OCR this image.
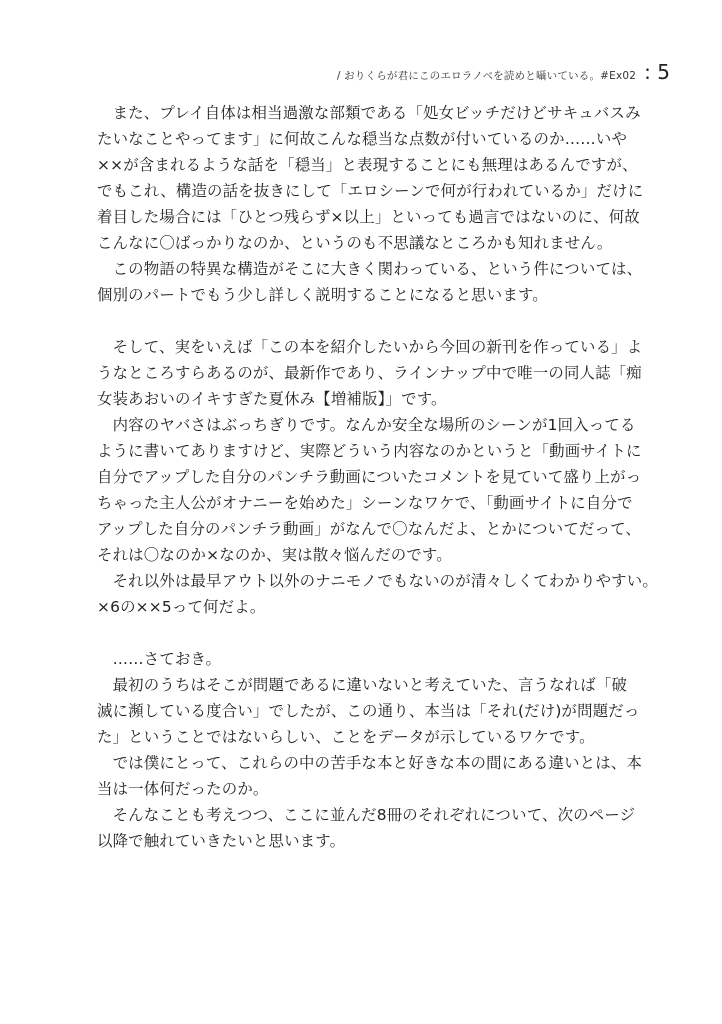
/ おりくらが君にこのエロラノベを読めと囁いている。#Ex02 : 5

　また、プレイ自体は相当過激な部類である「処女ビッチだけどサキュバスみ

たいなことやってます」に何故こんな穏当な点数が付いているのか……いや

××が含まれるような話を「穏当」と表現することにも無理はあるんですが、

でもこれ、構造の話を抜きにして「エロシーンで何が行われているか」だけに

着目した場合には「ひとつ残らず×以上」といっても過言ではないのに、何故

こんなに〇ばっかりなのか、というのも不思議なところかも知れません。

　この物語の特異な構造がそこに大きく関わっている、という件については、

個別のパートでもう少し詳しく説明することになると思います。

　そして、実をいえば「この本を紹介したいから今回の新刊を作っている」よ

うなところすらあるのが、最新作であり、ラインナップ中で唯一の同人誌「痴

女装あおいのイキすぎた夏休み【増補版】」です。

　内容のヤバさはぶっちぎりです。なんか安全な場所のシーンが1回入ってる

ように書いてありますけど、実際どういう内容なのかというと「動画サイトに

自分でアップした自分のパンチラ動画についたコメントを見ていて盛り上がっ

ちゃった主人公がオナニーを始めた」シーンなワケで、「動画サイトに自分で

アップした自分のパンチラ動画」がなんで〇なんだよ、とかについてだって、

それは〇なのか×なのか、実は散々悩んだのです。

　それ以外は最早アウト以外のナニモノでもないのが清々しくてわかりやすい。

×6の××5って何だよ。

　……さておき。

　最初のうちはそこが問題であるに違いないと考えていた、言うなれば「破

滅に瀕している度合い」でしたが、この通り、本当は「それ(だけ)が問題だっ

た」ということではないらしい、ことをデータが示しているワケです。

　では僕にとって、これらの中の苦手な本と好きな本の間にある違いとは、本

当は一体何だったのか。

　そんなことも考えつつ、ここに並んだ8冊のそれぞれについて、次のページ

以降で触れていきたいと思います。
